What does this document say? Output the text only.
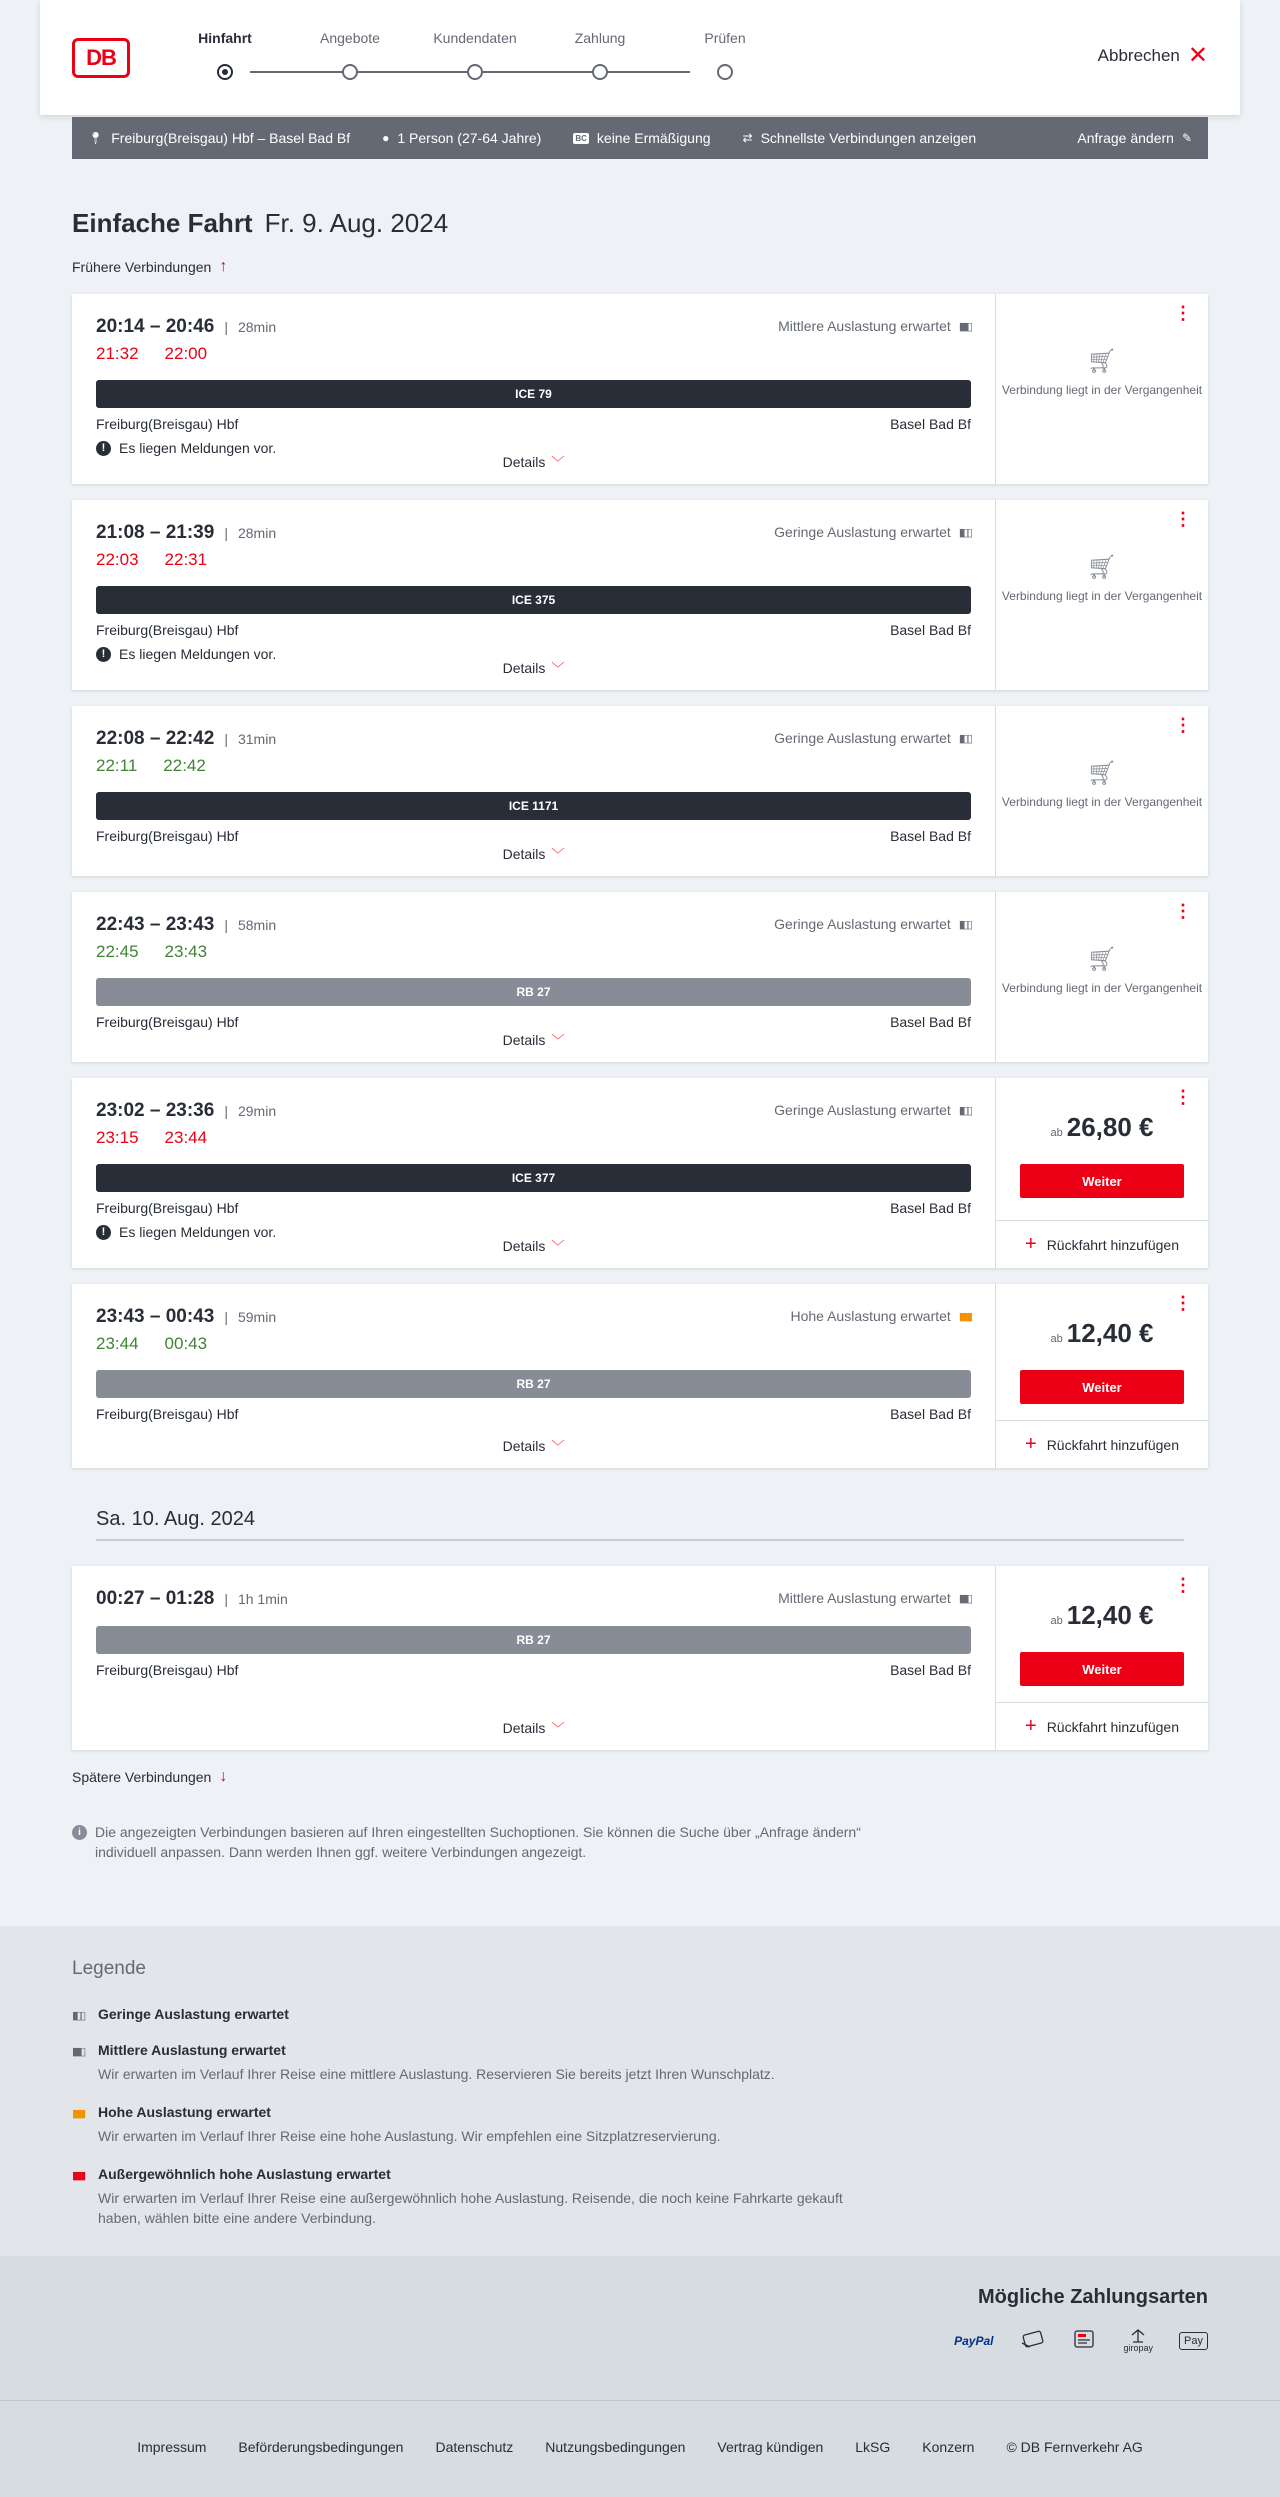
DB
Hinfahrt	Angebote	Kundendaten	Zahlung	Prüfen
Abbrechen ✕
📍︎ Freiburg(Breisgau) Hbf – Basel Bad Bf	● 1 Person (27-64 Jahre)	BC keine Ermäßigung	⇄ Schnellste Verbindungen anzeigen	Anfrage ändern ✎
Einfache Fahrt Fr. 9. Aug. 2024
Frühere Verbindungen ↑
20:14 – 20:46 | 28min
21:32 22:00
Mittlere Auslastung erwartet ▮▮▯
ICE 79
Freiburg(Breisgau) Hbf	Basel Bad Bf
! Es liegen Meldungen vor.
Details ﹀
⋮
🛒︎
Verbindung liegt in der Vergangenheit
21:08 – 21:39 | 28min
22:03 22:31
Geringe Auslastung erwartet ▮▯▯
ICE 375
Freiburg(Breisgau) Hbf	Basel Bad Bf
! Es liegen Meldungen vor.
Details ﹀
⋮
🛒︎
Verbindung liegt in der Vergangenheit
22:08 – 22:42 | 31min
22:11 22:42
Geringe Auslastung erwartet ▮▯▯
ICE 1171
Freiburg(Breisgau) Hbf	Basel Bad Bf
Details ﹀
⋮
🛒︎
Verbindung liegt in der Vergangenheit
22:43 – 23:43 | 58min
22:45 23:43
Geringe Auslastung erwartet ▮▯▯
RB 27
Freiburg(Breisgau) Hbf	Basel Bad Bf
Details ﹀
⋮
🛒︎
Verbindung liegt in der Vergangenheit
23:02 – 23:36 | 29min
23:15 23:44
Geringe Auslastung erwartet ▮▯▯
ICE 377
Freiburg(Breisgau) Hbf	Basel Bad Bf
! Es liegen Meldungen vor.
Details ﹀
⋮
ab 26,80 €
Weiter
+ Rückfahrt hinzufügen
23:43 – 00:43 | 59min
23:44 00:43
Hohe Auslastung erwartet ▮▮▮
RB 27
Freiburg(Breisgau) Hbf	Basel Bad Bf
Details ﹀
⋮
ab 12,40 €
Weiter
+ Rückfahrt hinzufügen
00:27 – 01:28 | 1h 1min	Mittlere Auslastung erwartet ▮▮▯
RB 27
Freiburg(Breisgau) Hbf	Basel Bad Bf
Details ﹀
⋮
ab 12,40 €
Weiter
+ Rückfahrt hinzufügen
Sa. 10. Aug. 2024
Spätere Verbindungen ↓
i	Die angezeigten Verbindungen basieren auf Ihren eingestellten Suchoptionen. Sie können die Suche über „Anfrage ändern“ individuell anpassen. Dann werden Ihnen ggf. weitere Verbindungen angezeigt.
Legende
▮▯▯ Geringe Auslastung erwartet
▮▮▯ Mittlere Auslastung erwartet
Wir erwarten im Verlauf Ihrer Reise eine mittlere Auslastung. Reservieren Sie bereits jetzt Ihren Wunschplatz.
▮▮▮ Hohe Auslastung erwartet
Wir erwarten im Verlauf Ihrer Reise eine hohe Auslastung. Wir empfehlen eine Sitzplatzreservierung.
▮▮▮ Außergewöhnlich hohe Auslastung erwartet
Wir erwarten im Verlauf Ihrer Reise eine außergewöhnlich hohe Auslastung. Reisende, die noch keine Fahrkarte gekauft haben, wählen bitte eine andere Verbindung.
Mögliche Zahlungsarten
PayPal	giropay
Pay
Impressum Beförderungsbedingungen Datenschutz Nutzungsbedingungen Vertrag kündigen LkSG Konzern © DB Fernverkehr AG
